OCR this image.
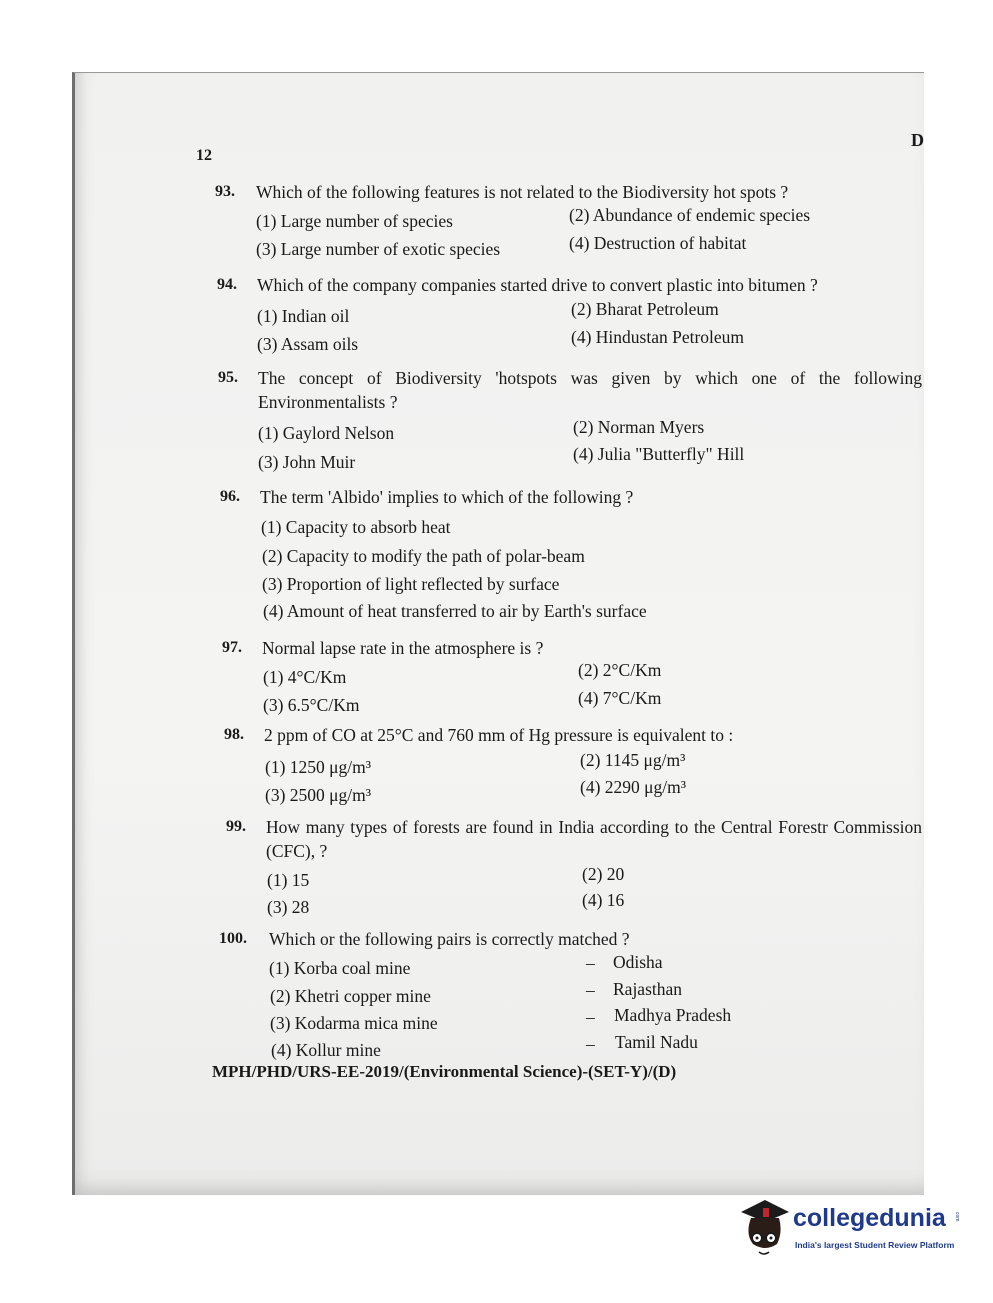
12
D
93. Which of the following features is not related to the Biodiversity hot spots ?
(1) Large number of species	(2) Abundance of endemic species
(3) Large number of exotic species	(4) Destruction of habitat
94. Which of the company companies started drive to convert plastic into bitumen ?
(1) Indian oil	(2) Bharat Petroleum
(3) Assam oils	(4) Hindustan Petroleum
95. The concept of Biodiversity 'hotspots was given by which one of the following Environmentalists ?
(1) Gaylord Nelson	(2) Norman Myers
(3) John Muir	(4) Julia "Butterfly" Hill
96. The term 'Albido' implies to which of the following ?
(1) Capacity to absorb heat
(2) Capacity to modify the path of polar-beam
(3) Proportion of light reflected by surface
(4) Amount of heat transferred to air by Earth's surface
97. Normal lapse rate in the atmosphere is ?
(1) 4°C/Km	(2) 2°C/Km
(3) 6.5°C/Km	(4) 7°C/Km
98. 2 ppm of CO at 25°C and 760 mm of Hg pressure is equivalent to :
(1) 1250 μg/m³	(2) 1145 μg/m³
(3) 2500 μg/m³	(4) 2290 μg/m³
99. How many types of forests are found in India according to the Central Forestr Commission (CFC), ?
(1) 15	(2) 20
(3) 28	(4) 16
100. Which or the following pairs is correctly matched ?
(1) Korba coal mine	– Odisha
(2) Khetri copper mine	– Rajasthan
(3) Kodarma mica mine	– Madhya Pradesh
(4) Kollur mine	– Tamil Nadu
MPH/PHD/URS-EE-2019/(Environmental Science)-(SET-Y)/(D)
collegedunia com
India's largest Student Review Platform
